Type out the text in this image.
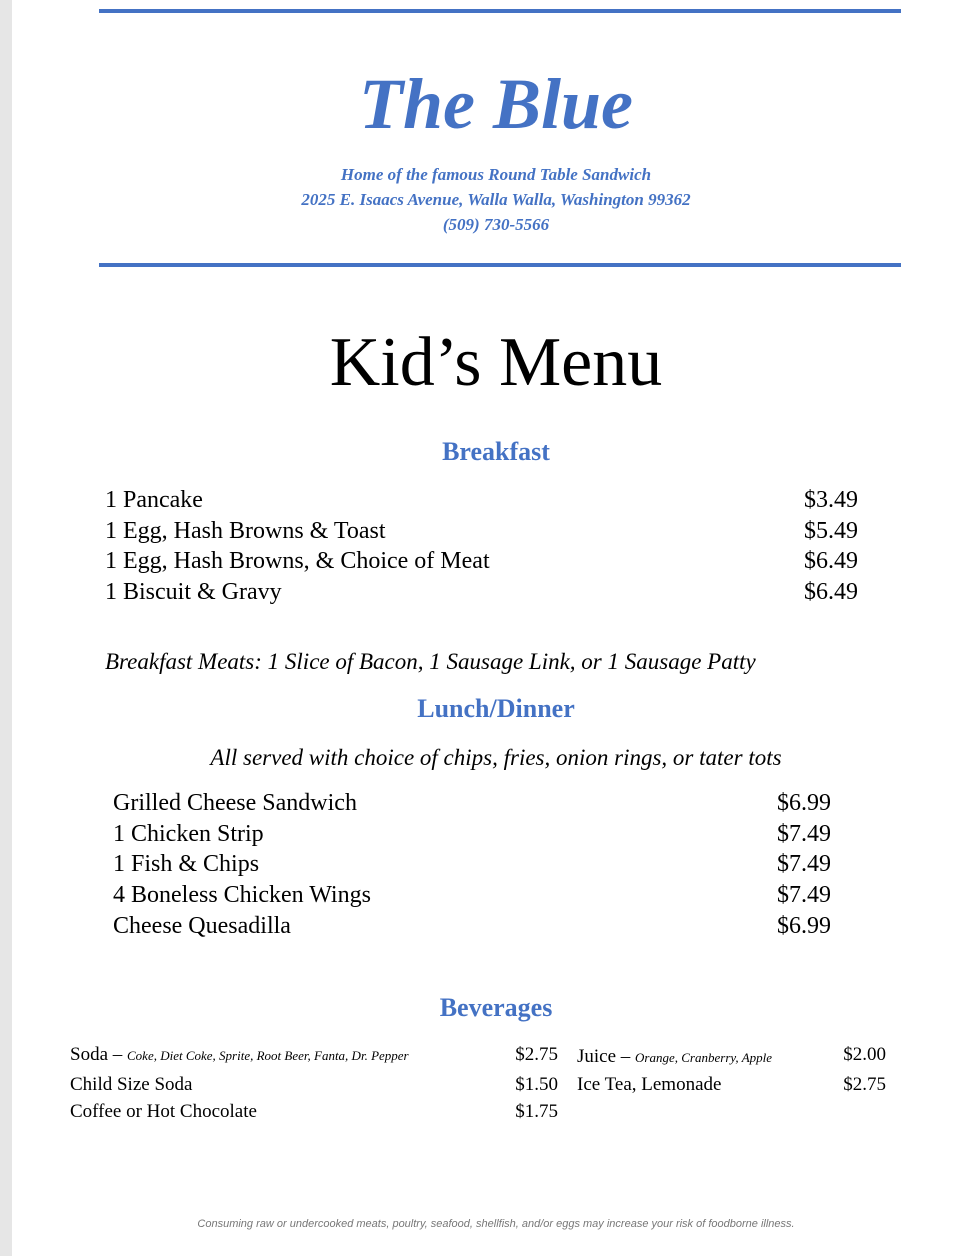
The Blue
Home of the famous Round Table Sandwich
2025 E. Isaacs Avenue, Walla Walla, Washington 99362
(509) 730-5566
Kid’s Menu
Breakfast
1 Pancake	$3.49
1 Egg, Hash Browns & Toast	$5.49
1 Egg, Hash Browns, & Choice of Meat	$6.49
1 Biscuit & Gravy	$6.49
Breakfast Meats: 1 Slice of Bacon, 1 Sausage Link, or 1 Sausage Patty
Lunch/Dinner
All served with choice of chips, fries, onion rings, or tater tots
Grilled Cheese Sandwich	$6.99
1 Chicken Strip	$7.49
1 Fish & Chips	$7.49
4 Boneless Chicken Wings	$7.49
Cheese Quesadilla	$6.99
Beverages
Soda – Coke, Diet Coke, Sprite, Root Beer, Fanta, Dr. Pepper	$2.75
Child Size Soda	$1.50
Coffee or Hot Chocolate	$1.75
Juice – Orange, Cranberry, Apple	$2.00
Ice Tea, Lemonade	$2.75
Consuming raw or undercooked meats, poultry, seafood, shellfish, and/or eggs may increase your risk of foodborne illness.
